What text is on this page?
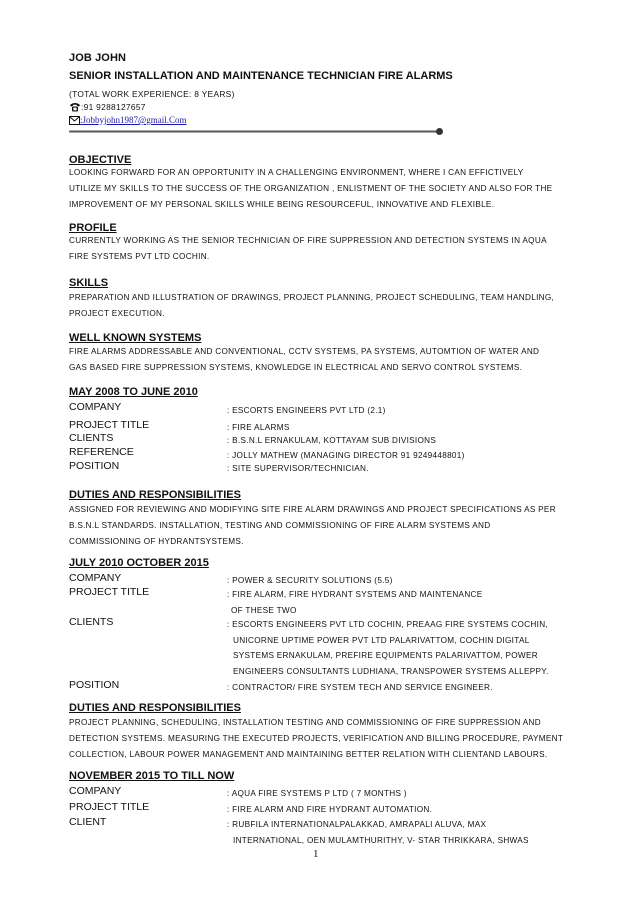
JOB JOHN
SENIOR INSTALLATION AND MAINTENANCE TECHNICIAN FIRE ALARMS
(TOTAL WORK EXPERIENCE: 8 YEARS)
:91 9288127657
:Jobbyjohn1987@gmail.Com
OBJECTIVE
LOOKING FORWARD FOR AN OPPORTUNITY IN A CHALLENGING ENVIRONMENT, WHERE I CAN EFFICTIVELY
UTILIZE MY SKILLS TO THE SUCCESS OF THE ORGANIZATION , ENLISTMENT OF THE SOCIETY AND ALSO FOR THE
IMPROVEMENT OF MY PERSONAL SKILLS WHILE BEING RESOURCEFUL, INNOVATIVE AND FLEXIBLE.
PROFILE
CURRENTLY WORKING AS THE SENIOR TECHNICIAN OF FIRE SUPPRESSION AND DETECTION SYSTEMS IN AQUA
FIRE SYSTEMS PVT LTD COCHIN.
SKILLS
PREPARATION AND ILLUSTRATION OF DRAWINGS, PROJECT PLANNING, PROJECT SCHEDULING, TEAM HANDLING,
PROJECT EXECUTION.
WELL KNOWN SYSTEMS
FIRE ALARMS ADDRESSABLE AND CONVENTIONAL, CCTV SYSTEMS, PA SYSTEMS, AUTOMTION OF WATER AND
GAS BASED FIRE SUPPRESSION SYSTEMS, KNOWLEDGE IN ELECTRICAL AND SERVO CONTROL SYSTEMS.
MAY 2008 TO JUNE 2010
COMPANY	: ESCORTS ENGINEERS PVT LTD (2.1)
PROJECT TITLE	: FIRE ALARMS
CLIENTS	: B.S.N.L ERNAKULAM, KOTTAYAM SUB DIVISIONS
REFERENCE	: JOLLY MATHEW (MANAGING DIRECTOR 91 9249448801)
POSITION	: SITE SUPERVISOR/TECHNICIAN.
DUTIES AND RESPONSIBILITIES
ASSIGNED FOR REVIEWING AND MODIFYING SITE FIRE ALARM DRAWINGS AND PROJECT SPECIFICATIONS AS PER
B.S.N.L STANDARDS. INSTALLATION, TESTING AND COMMISSIONING OF FIRE ALARM SYSTEMS AND
COMMISSIONING OF HYDRANTSYSTEMS.
JULY 2010 OCTOBER 2015
COMPANY	: POWER & SECURITY SOLUTIONS (5.5)
PROJECT TITLE	: FIRE ALARM, FIRE HYDRANT SYSTEMS AND MAINTENANCE
OF THESE TWO
CLIENTS	: ESCORTS ENGINEERS PVT LTD COCHIN, PREAAG FIRE SYSTEMS COCHIN,
UNICORNE UPTIME POWER PVT LTD PALARIVATTOM, COCHIN DIGITAL
SYSTEMS ERNAKULAM, PREFIRE EQUIPMENTS PALARIVATTOM, POWER
ENGINEERS CONSULTANTS LUDHIANA, TRANSPOWER SYSTEMS ALLEPPY.
POSITION	: CONTRACTOR/ FIRE SYSTEM TECH AND SERVICE ENGINEER.
DUTIES AND RESPONSIBILITIES
PROJECT PLANNING, SCHEDULING, INSTALLATION TESTING AND COMMISSIONING OF FIRE SUPPRESSION AND
DETECTION SYSTEMS. MEASURING THE EXECUTED PROJECTS, VERIFICATION AND BILLING PROCEDURE, PAYMENT
COLLECTION, LABOUR POWER MANAGEMENT AND MAINTAINING BETTER RELATION WITH CLIENTAND LABOURS.
NOVEMBER 2015 TO TILL NOW
COMPANY	: AQUA FIRE SYSTEMS P LTD ( 7 MONTHS )
PROJECT TITLE	: FIRE ALARM AND FIRE HYDRANT AUTOMATION.
CLIENT	: RUBFILA INTERNATIONALPALAKKAD, AMRAPALI ALUVA, MAX
INTERNATIONAL, OEN MULAMTHURITHY, V- STAR THRIKKARA, SHWAS
1
